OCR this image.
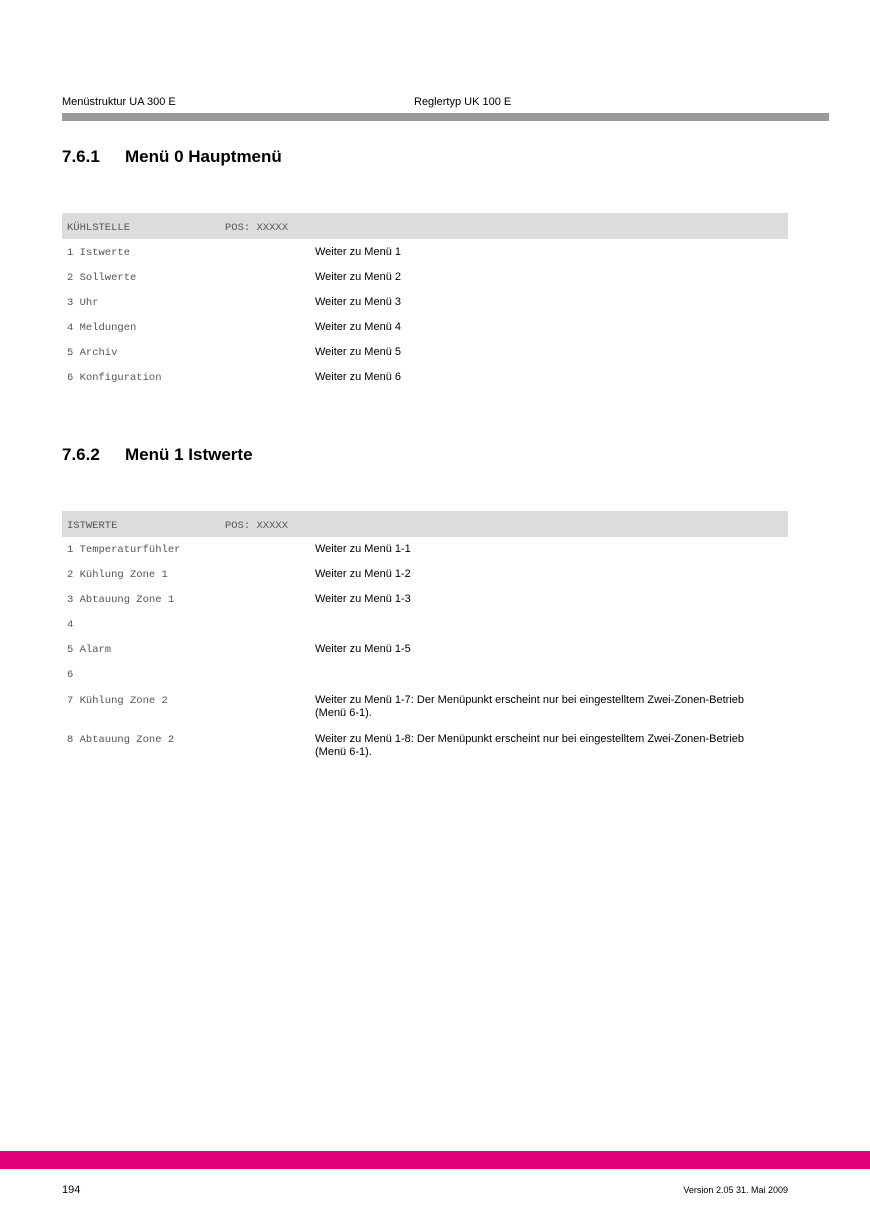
Menüstruktur UA 300 E	Reglertyp UK 100 E
7.6.1 Menü 0 Hauptmenü
KÜHLSTELLE	POS: XXXXX
1 Istwerte	Weiter zu Menü 1
2 Sollwerte	Weiter zu Menü 2
3 Uhr	Weiter zu Menü 3
4 Meldungen	Weiter zu Menü 4
5 Archiv	Weiter zu Menü 5
6 Konfiguration	Weiter zu Menü 6
7.6.2 Menü 1 Istwerte
ISTWERTE	POS: XXXXX
1 Temperaturfühler	Weiter zu Menü 1-1
2 Kühlung Zone 1	Weiter zu Menü 1-2
3 Abtauung Zone 1	Weiter zu Menü 1-3
4
5 Alarm	Weiter zu Menü 1-5
6
7 Kühlung Zone 2	Weiter zu Menü 1-7: Der Menüpunkt erscheint nur bei eingestelltem Zwei-Zonen-Betrieb (Menü 6-1).
8 Abtauung Zone 2	Weiter zu Menü 1-8: Der Menüpunkt erscheint nur bei eingestelltem Zwei-Zonen-Betrieb (Menü 6-1).
194	Version 2.05 31. Mai 2009
